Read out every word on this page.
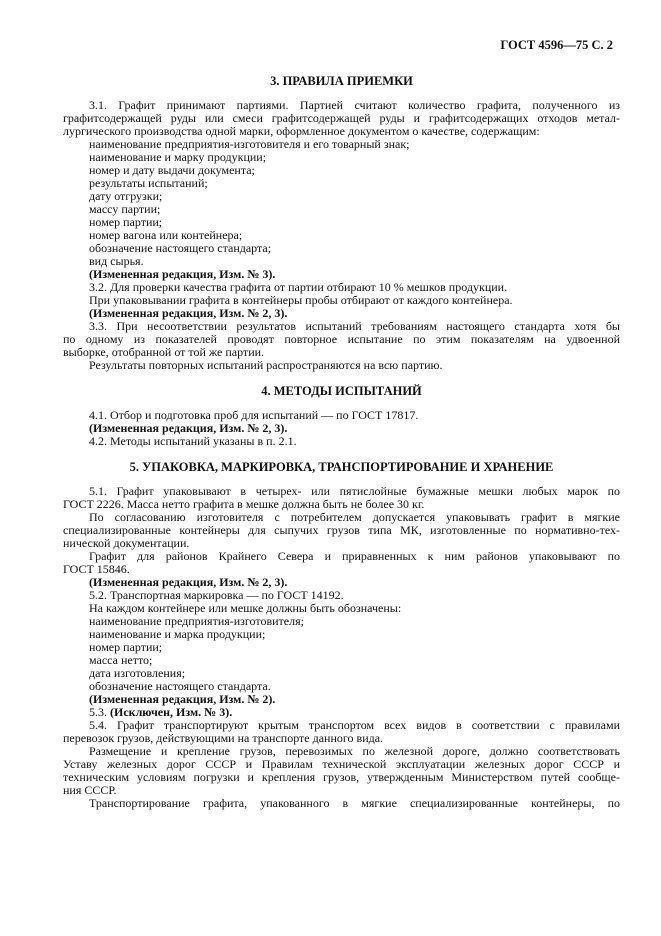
ГОСТ 4596—75 С. 2
3. ПРАВИЛА ПРИЕМКИ
3.1. Графит принимают партиями. Партией считают количество графита, полученного из
графитсодержащей руды или смеси графитсодержащей руды и графитсодержащих отходов метал-
лургического производства одной марки, оформленное документом о качестве, содержащим:
наименование предприятия-изготовителя и его товарный знак;
наименование и марку продукции;
номер и дату выдачи документа;
результаты испытаний;
дату отгрузки;
массу партии;
номер партии;
номер вагона или контейнера;
обозначение настоящего стандарта;
вид сырья.
(Измененная редакция, Изм. № 3).
3.2. Для проверки качества графита от партии отбирают 10 % мешков продукции.
При упаковывании графита в контейнеры пробы отбирают от каждого контейнера.
(Измененная редакция, Изм. № 2, 3).
3.3. При несоответствии результатов испытаний требованиям настоящего стандарта хотя бы
по одному из показателей проводят повторное испытание по этим показателям на удвоенной
выборке, отобранной от той же партии.
Результаты повторных испытаний распространяются на всю партию.
4. МЕТОДЫ ИСПЫТАНИЙ
4.1. Отбор и подготовка проб для испытаний — по ГОСТ 17817.
(Измененная редакция, Изм. № 2, 3).
4.2. Методы испытаний указаны в п. 2.1.
5. УПАКОВКА, МАРКИРОВКА, ТРАНСПОРТИРОВАНИЕ И ХРАНЕНИЕ
5.1. Графит упаковывают в четырех- или пятислойные бумажные мешки любых марок по
ГОСТ 2226. Масса нетто графита в мешке должна быть не более 30 кг.
По согласованию изготовителя с потребителем допускается упаковывать графит в мягкие
специализированные контейнеры для сыпучих грузов типа МК, изготовленные по нормативно-тех-
нической документации.
Графит для районов Крайнего Севера и приравненных к ним районов упаковывают по
ГОСТ 15846.
(Измененная редакция, Изм. № 2, 3).
5.2. Транспортная маркировка — по ГОСТ 14192.
На каждом контейнере или мешке должны быть обозначены:
наименование предприятия-изготовителя;
наименование и марка продукции;
номер партии;
масса нетто;
дата изготовления;
обозначение настоящего стандарта.
(Измененная редакция, Изм. № 2).
5.3. (Исключен, Изм. № 3).
5.4. Графит транспортируют крытым транспортом всех видов в соответствии с правилами
перевозок грузов, действующими на транспорте данного вида.
Размещение и крепление грузов, перевозимых по железной дороге, должно соответствовать
Уставу железных дорог СССР и Правилам технической эксплуатации железных дорог СССР и
техническим условиям погрузки и крепления грузов, утвержденным Министерством путей сообще-
ния СССР.
Транспортирование графита, упакованного в мягкие специализированные контейнеры, по
